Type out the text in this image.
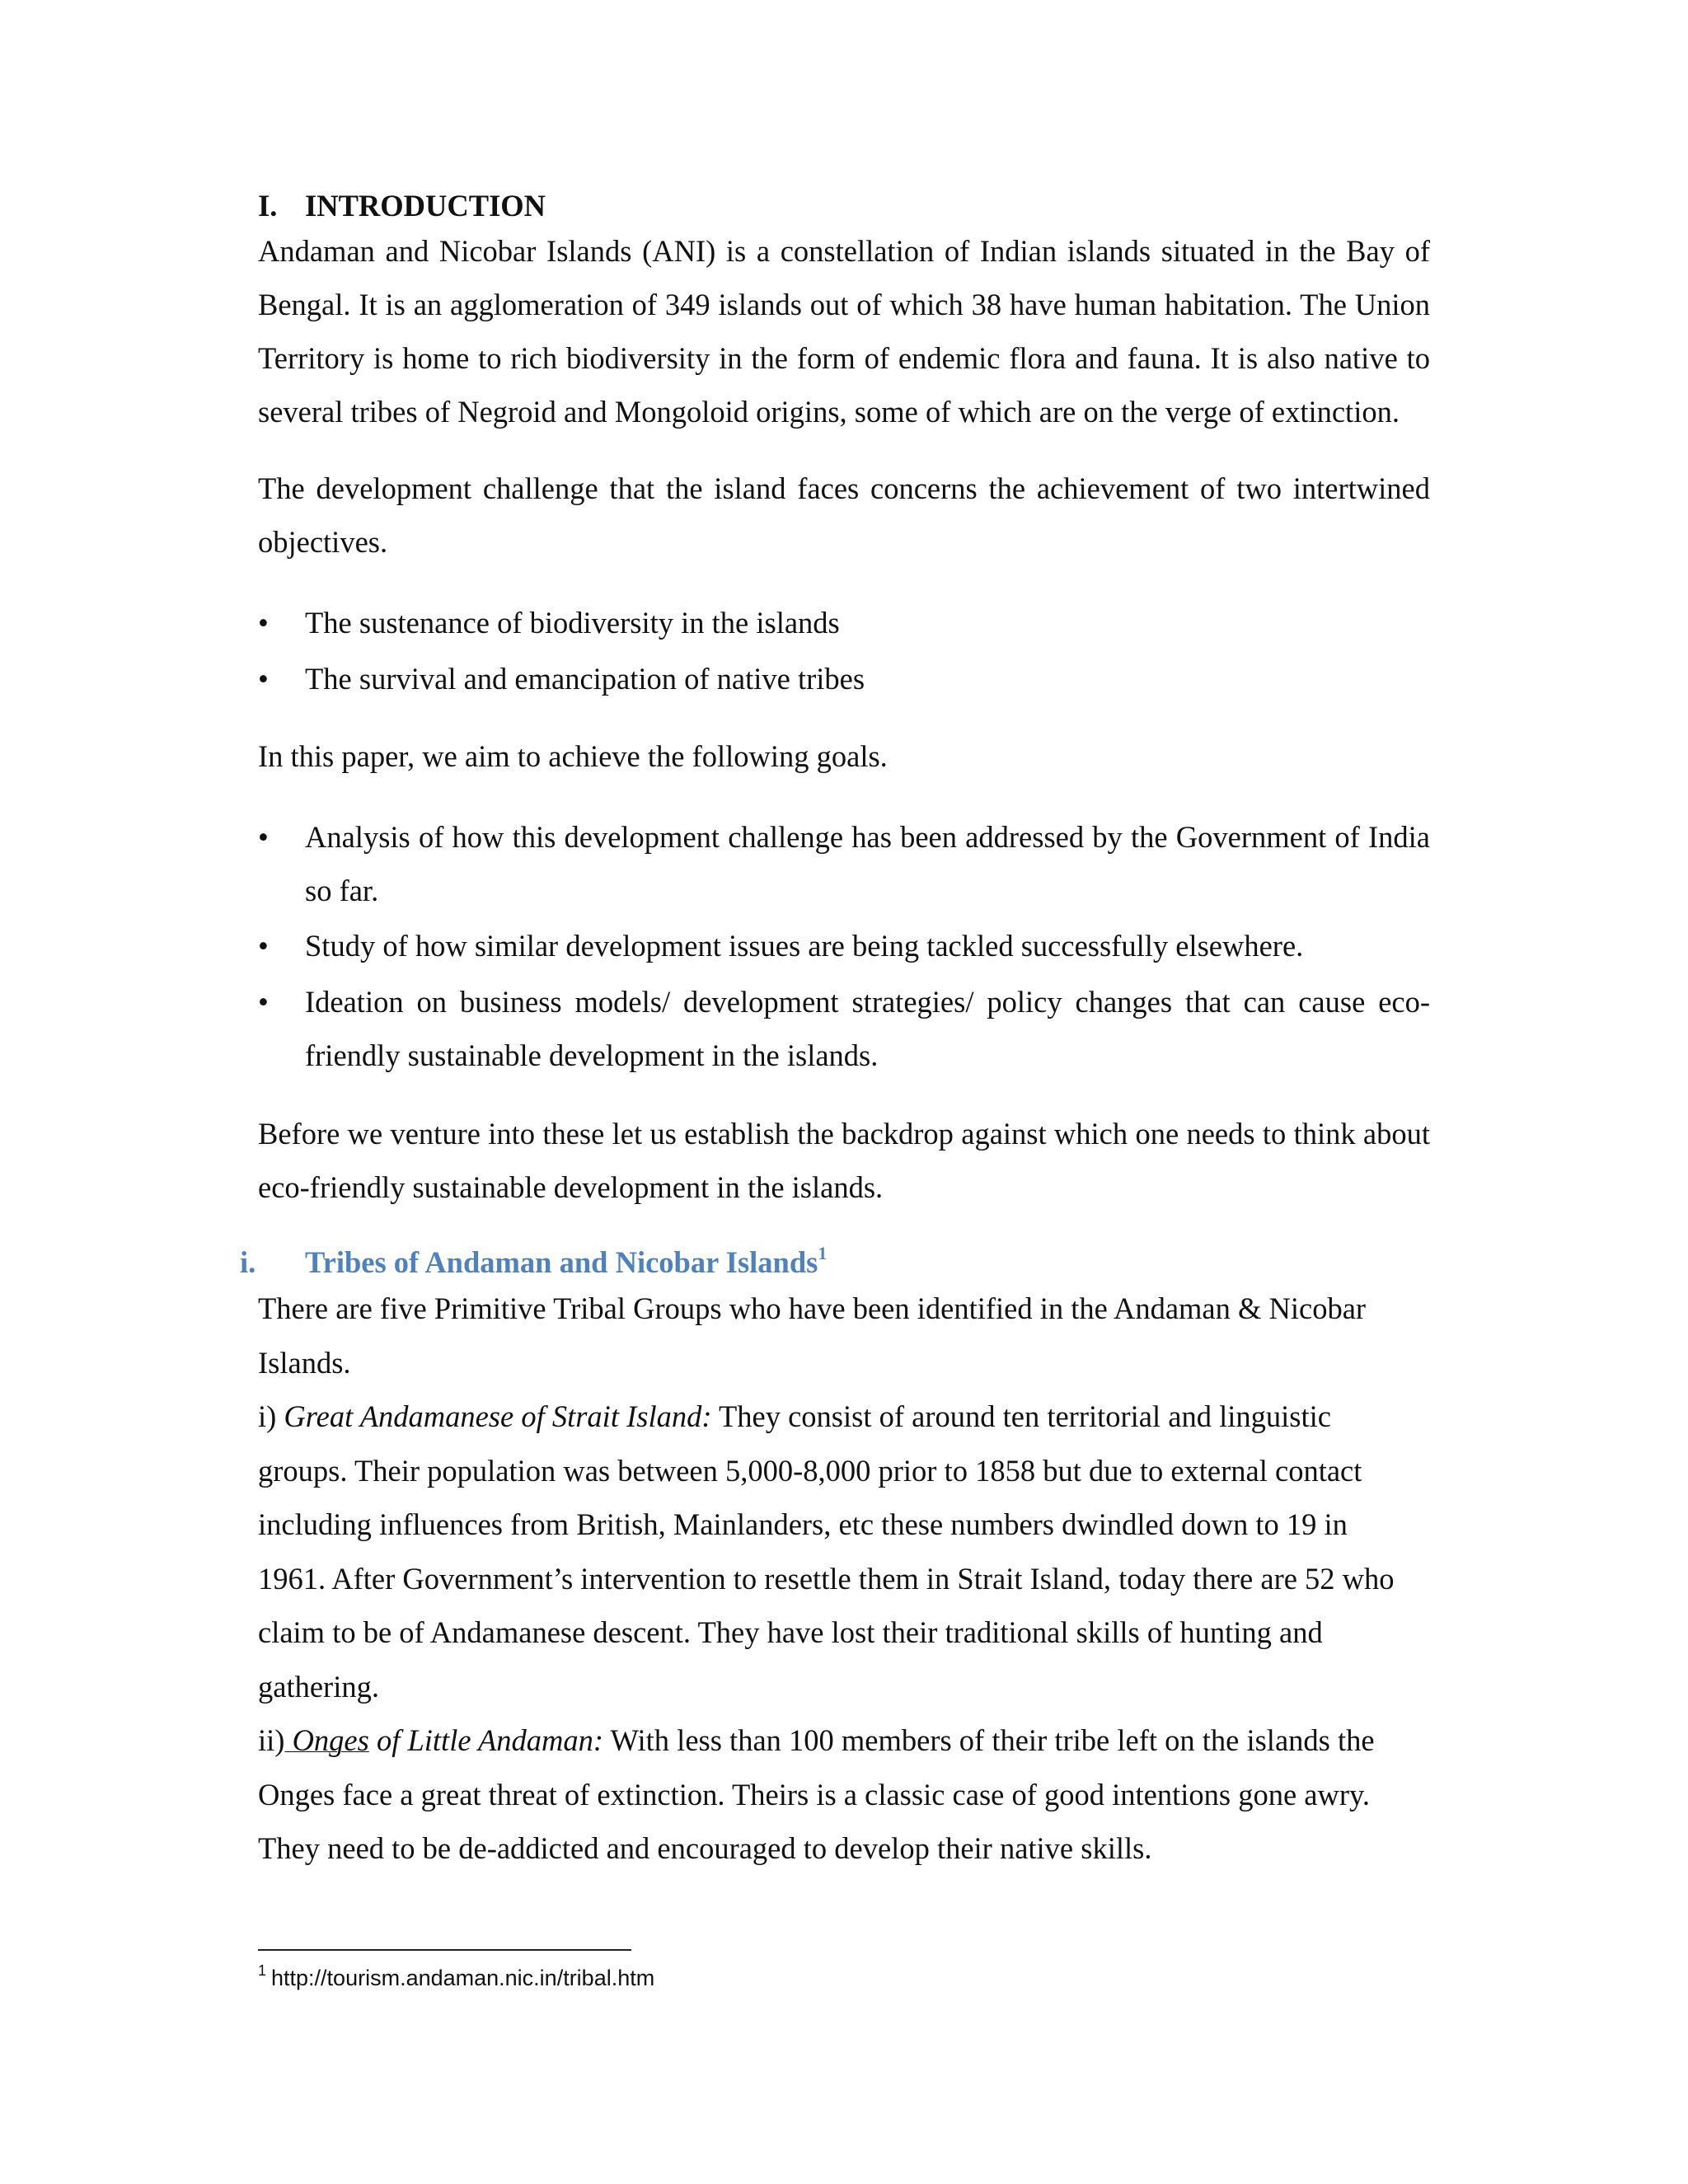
I. INTRODUCTION

Andaman and Nicobar Islands (ANI) is a constellation of Indian islands situated in the Bay of Bengal. It is an agglomeration of 349 islands out of which 38 have human habitation. The Union Territory is home to rich biodiversity in the form of endemic flora and fauna. It is also native to several tribes of Negroid and Mongoloid origins, some of which are on the verge of extinction.

The development challenge that the island faces concerns the achievement of two intertwined objectives.

• The sustenance of biodiversity in the islands
• The survival and emancipation of native tribes

In this paper, we aim to achieve the following goals.

• Analysis of how this development challenge has been addressed by the Government of India so far.
• Study of how similar development issues are being tackled successfully elsewhere.
• Ideation on business models/ development strategies/ policy changes that can cause eco-friendly sustainable development in the islands.

Before we venture into these let us establish the backdrop against which one needs to think about eco-friendly sustainable development in the islands.

i. Tribes of Andaman and Nicobar Islands$^1$

There are five Primitive Tribal Groups who have been identified in the Andaman & Nicobar Islands.

i) Great Andamanese of Strait Island: They consist of around ten territorial and linguistic groups. Their population was between 5,000-8,000 prior to 1858 but due to external contact including influences from British, Mainlanders, etc these numbers dwindled down to 19 in 1961. After Government’s intervention to resettle them in Strait Island, today there are 52 who claim to be of Andamanese descent. They have lost their traditional skills of hunting and gathering.

ii) Onges of Little Andaman: With less than 100 members of their tribe left on the islands the Onges face a great threat of extinction. Theirs is a classic case of good intentions gone awry. They need to be de-addicted and encouraged to develop their native skills.

$^1$ http://tourism.andaman.nic.in/tribal.htm
